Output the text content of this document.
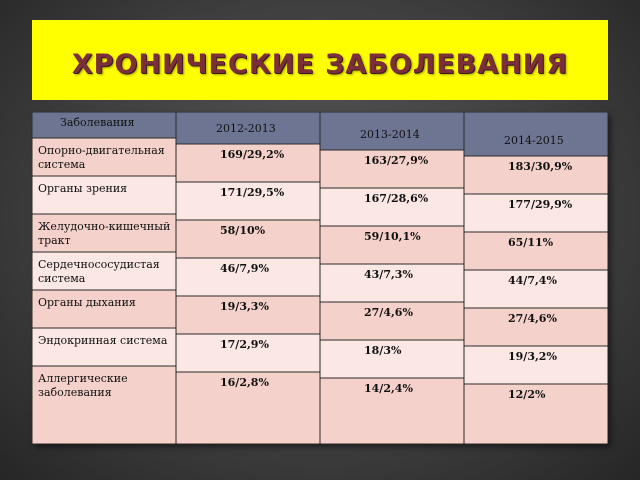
ХРОНИЧЕСКИЕ ЗАБОЛЕВАНИЯ
Заболевания
Опорно-двигательная система
Органы зрения
Желудочно-кишечный тракт
Сердечнососудистая система
Органы дыхания
Эндокринная система
Аллергические заболевания
2012-2013
169/29,2%
171/29,5%
58/10%
46/7,9%
19/3,3%
17/2,9%
16/2,8%
2013-2014
163/27,9%
167/28,6%
59/10,1%
43/7,3%
27/4,6%
18/3%
14/2,4%
2014-2015
183/30,9%
177/29,9%
65/11%
44/7,4%
27/4,6%
19/3,2%
12/2%
